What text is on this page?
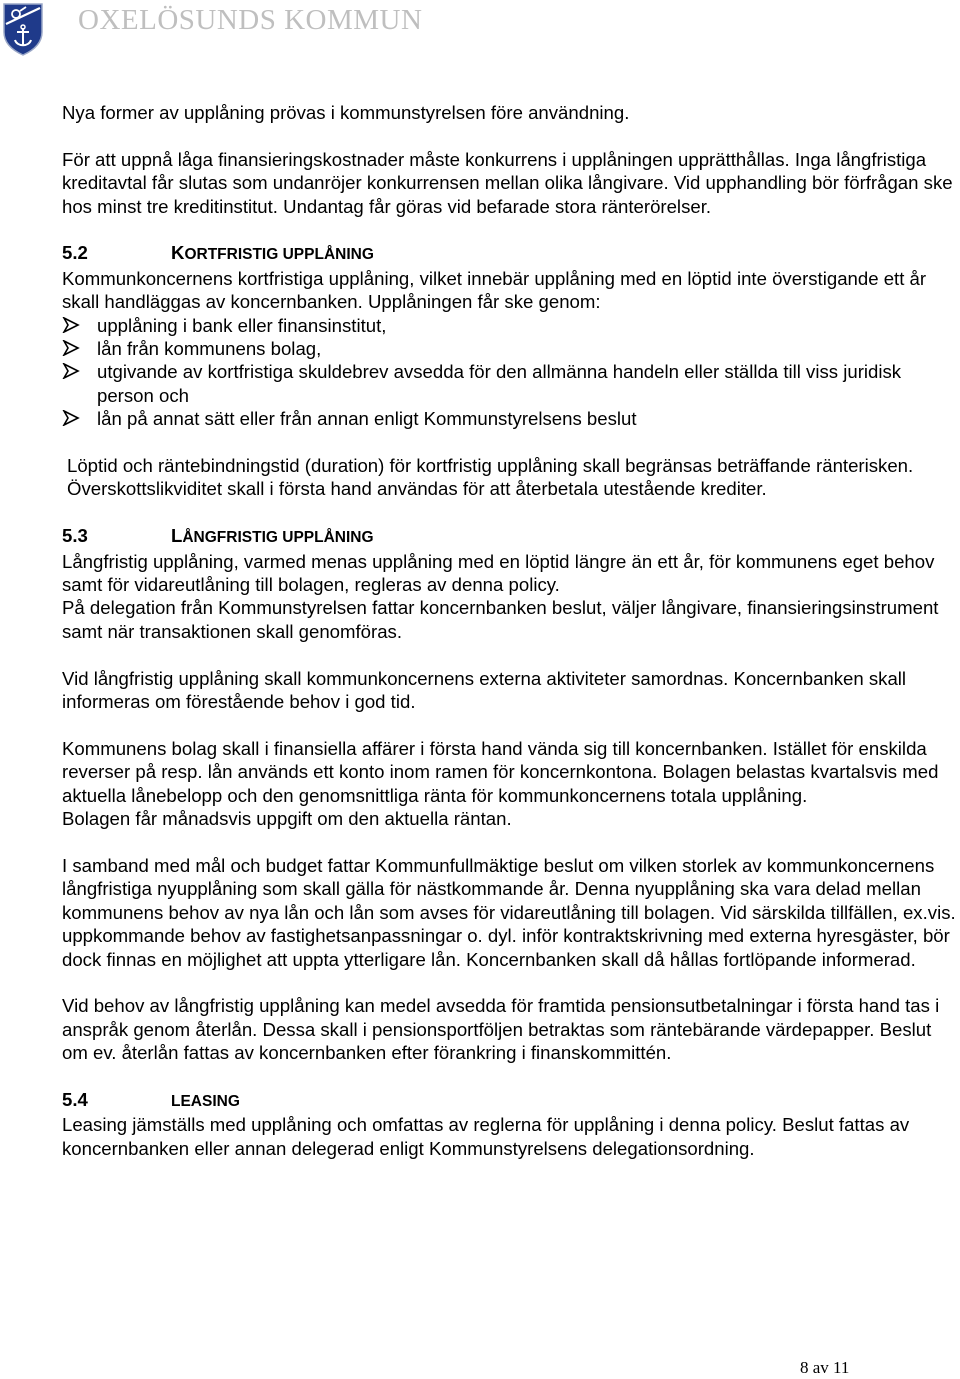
OXELÖSUNDS KOMMUN

Nya former av upplåning prövas i kommunstyrelsen före användning.

För att uppnå låga finansieringskostnader måste konkurrens i upplåningen upprätthållas. Inga långfristiga kreditavtal får slutas som undanröjer konkurrensen mellan olika långivare. Vid upphandling bör förfrågan ske hos minst tre kreditinstitut. Undantag får göras vid befarade stora ränterörelser.

5.2	KORTFRISTIG UPPLÅNING

Kommunkoncernens kortfristiga upplåning, vilket innebär upplåning med en löptid inte överstigande ett år skall handläggas av koncernbanken. Upplåningen får ske genom:

upplåning i bank eller finansinstitut,
lån från kommunens bolag,
utgivande av kortfristiga skuldebrev avsedda för den allmänna handeln eller ställda till viss juridisk person och
lån på annat sätt eller från annan enligt Kommunstyrelsens beslut

Löptid och räntebindningstid (duration) för kortfristig upplåning skall begränsas beträffande ränterisken. Överskottslikviditet skall i första hand användas för att återbetala utestående krediter.

5.3	LÅNGFRISTIG UPPLÅNING

Långfristig upplåning, varmed menas upplåning med en löptid längre än ett år, för kommunens eget behov samt för vidareutlåning till bolagen, regleras av denna policy.

På delegation från Kommunstyrelsen fattar koncernbanken beslut, väljer långivare, finansieringsinstrument samt när transaktionen skall genomföras.

Vid långfristig upplåning skall kommunkoncernens externa aktiviteter samordnas. Koncernbanken skall informeras om förestående behov i god tid.

Kommunens bolag skall i finansiella affärer i första hand vända sig till koncernbanken. Istället för enskilda reverser på resp. lån används ett konto inom ramen för koncernkontona. Bolagen belastas kvartalsvis med aktuella lånebelopp och den genomsnittliga ränta för kommunkoncernens totala upplåning.

Bolagen får månadsvis uppgift om den aktuella räntan.

I samband med mål och budget fattar Kommunfullmäktige beslut om vilken storlek av kommunkoncernens långfristiga nyupplåning som skall gälla för nästkommande år. Denna nyupplåning ska vara delad mellan kommunens behov av nya lån och lån som avses för vidareutlåning till bolagen. Vid särskilda tillfällen, ex.vis. uppkommande behov av fastighetsanpassningar o. dyl. inför kontraktskrivning med externa hyresgäster, bör dock finnas en möjlighet att uppta ytterligare lån. Koncernbanken skall då hållas fortlöpande informerad.

Vid behov av långfristig upplåning kan medel avsedda för framtida pensionsutbetalningar i första hand tas i anspråk genom återlån. Dessa skall i pensionsportföljen betraktas som räntebärande värdepapper. Beslut om ev. återlån fattas av koncernbanken efter förankring i finanskommittén.

5.4	LEASING

Leasing jämställs med upplåning och omfattas av reglerna för upplåning i denna policy. Beslut fattas av koncernbanken eller annan delegerad enligt Kommunstyrelsens delegationsordning.

8 av 11
